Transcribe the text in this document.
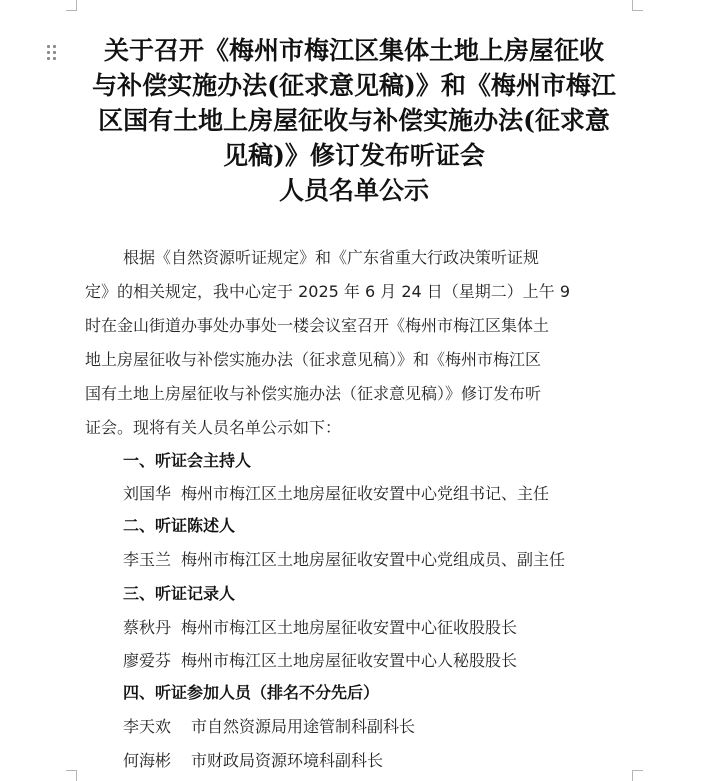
关于召开《梅州市梅江区集体土地上房屋征收
与补偿实施办法(征求意见稿)》和《梅州市梅江
区国有土地上房屋征收与补偿实施办法(征求意
见稿)》修订发布听证会
人员名单公示
根据《自然资源听证规定》和《广东省重大行政决策听证规
定》的相关规定，我中心定于 2025 年 6 月 24 日（星期二）上午 9
时在金山街道办事处办事处一楼会议室召开《梅州市梅江区集体土
地上房屋征收与补偿实施办法（征求意见稿）》和《梅州市梅江区
国有土地上房屋征收与补偿实施办法（征求意见稿）》修订发布听
证会。现将有关人员名单公示如下：
一、听证会主持人
刘国华 梅州市梅江区土地房屋征收安置中心党组书记、主任
二、听证陈述人
李玉兰 梅州市梅江区土地房屋征收安置中心党组成员、副主任
三、听证记录人
蔡秋丹 梅州市梅江区土地房屋征收安置中心征收股股长
廖爱芬 梅州市梅江区土地房屋征收安置中心人秘股股长
四、听证参加人员（排名不分先后）
李天欢 市自然资源局用途管制科副科长
何海彬 市财政局资源环境科副科长
